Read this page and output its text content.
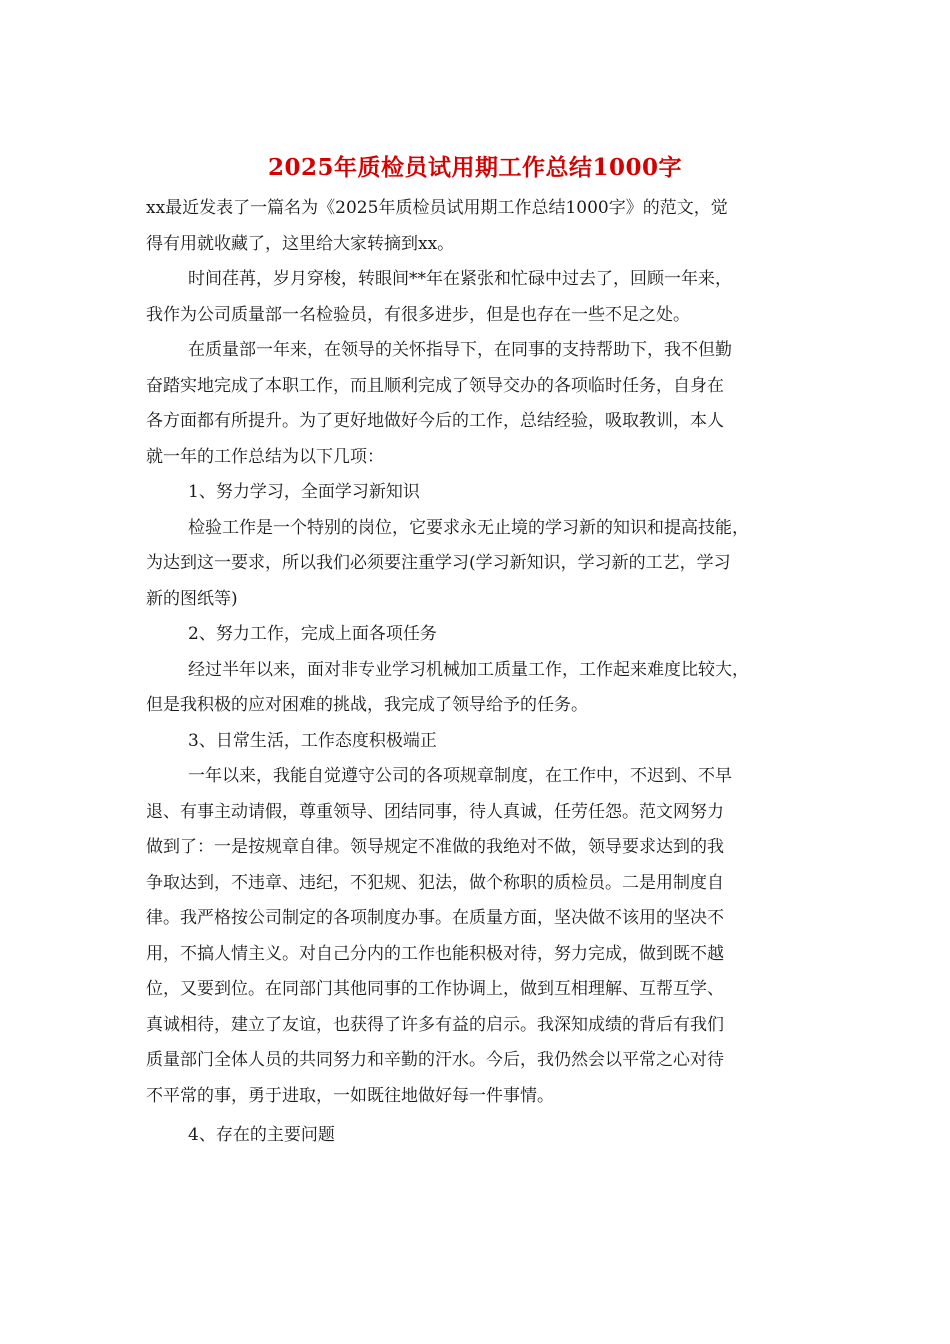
2025年质检员试用期工作总结1000字

xx最近发表了一篇名为《2025年质检员试用期工作总结1000字》的范文，觉
得有用就收藏了，这里给大家转摘到xx。

时间荏苒，岁月穿梭，转眼间**年在紧张和忙碌中过去了，回顾一年来，
我作为公司质量部一名检验员，有很多进步，但是也存在一些不足之处。

在质量部一年来，在领导的关怀指导下，在同事的支持帮助下，我不但勤
奋踏实地完成了本职工作，而且顺利完成了领导交办的各项临时任务，自身在
各方面都有所提升。为了更好地做好今后的工作，总结经验，吸取教训，本人
就一年的工作总结为以下几项：

1、努力学习，全面学习新知识

检验工作是一个特别的岗位，它要求永无止境的学习新的知识和提高技能，
为达到这一要求，所以我们必须要注重学习(学习新知识，学习新的工艺，学习
新的图纸等)

2、努力工作，完成上面各项任务

经过半年以来，面对非专业学习机械加工质量工作，工作起来难度比较大，
但是我积极的应对困难的挑战，我完成了领导给予的任务。

3、日常生活，工作态度积极端正

一年以来，我能自觉遵守公司的各项规章制度，在工作中，不迟到、不早
退、有事主动请假，尊重领导、团结同事，待人真诚，任劳任怨。范文网努力
做到了：一是按规章自律。领导规定不准做的我绝对不做，领导要求达到的我
争取达到，不违章、违纪，不犯规、犯法，做个称职的质检员。二是用制度自
律。我严格按公司制定的各项制度办事。在质量方面，坚决做不该用的坚决不
用，不搞人情主义。对自己分内的工作也能积极对待，努力完成，做到既不越
位，又要到位。在同部门其他同事的工作协调上，做到互相理解、互帮互学、
真诚相待，建立了友谊，也获得了许多有益的启示。我深知成绩的背后有我们
质量部门全体人员的共同努力和辛勤的汗水。今后，我仍然会以平常之心对待
不平常的事，勇于进取，一如既往地做好每一件事情。

4、存在的主要问题
